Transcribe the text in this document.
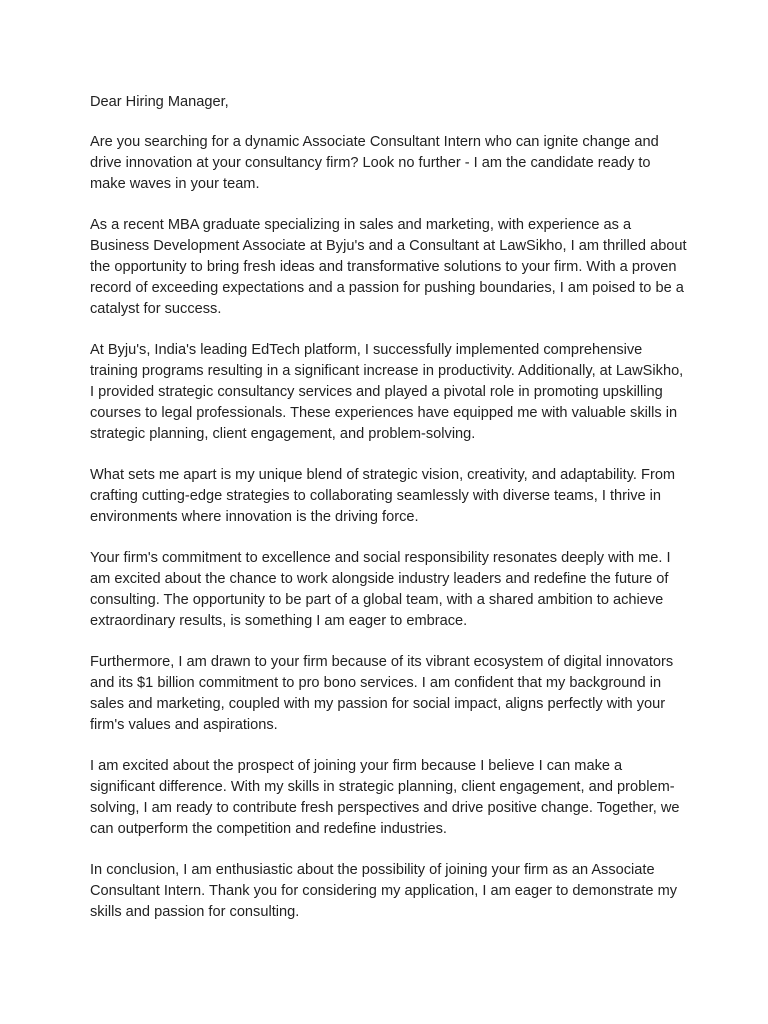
Dear Hiring Manager,

Are you searching for a dynamic Associate Consultant Intern who can ignite change and drive innovation at your consultancy firm? Look no further - I am the candidate ready to make waves in your team.

As a recent MBA graduate specializing in sales and marketing, with experience as a Business Development Associate at Byju's and a Consultant at LawSikho, I am thrilled about the opportunity to bring fresh ideas and transformative solutions to your firm. With a proven record of exceeding expectations and a passion for pushing boundaries, I am poised to be a catalyst for success.

At Byju's, India's leading EdTech platform, I successfully implemented comprehensive training programs resulting in a significant increase in productivity. Additionally, at LawSikho, I provided strategic consultancy services and played a pivotal role in promoting upskilling courses to legal professionals. These experiences have equipped me with valuable skills in strategic planning, client engagement, and problem-solving.

What sets me apart is my unique blend of strategic vision, creativity, and adaptability. From crafting cutting-edge strategies to collaborating seamlessly with diverse teams, I thrive in environments where innovation is the driving force.

Your firm's commitment to excellence and social responsibility resonates deeply with me. I am excited about the chance to work alongside industry leaders and redefine the future of consulting. The opportunity to be part of a global team, with a shared ambition to achieve extraordinary results, is something I am eager to embrace.

Furthermore, I am drawn to your firm because of its vibrant ecosystem of digital innovators and its $1 billion commitment to pro bono services. I am confident that my background in sales and marketing, coupled with my passion for social impact, aligns perfectly with your firm's values and aspirations.

I am excited about the prospect of joining your firm because I believe I can make a significant difference. With my skills in strategic planning, client engagement, and problem-solving, I am ready to contribute fresh perspectives and drive positive change. Together, we can outperform the competition and redefine industries.

In conclusion, I am enthusiastic about the possibility of joining your firm as an Associate Consultant Intern. Thank you for considering my application, I am eager to demonstrate my skills and passion for consulting.
